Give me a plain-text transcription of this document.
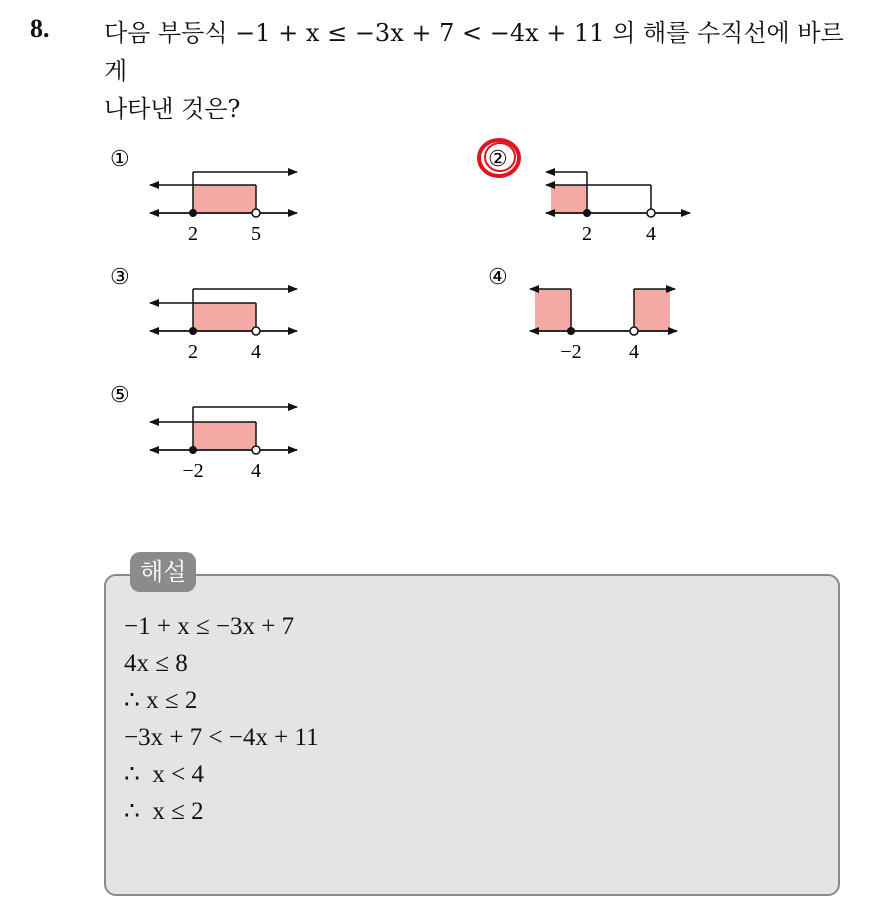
8. 다음 부등식 −1 + x ≤ −3x + 7 < −4x + 11 의 해를 수직선에 바르게
나타낸 것은?
①
2	5
②
2	4
③
2	4
④
−2 4
⑤
−2 4
해설
−1 + x ≤ −3x + 7
4x ≤ 8
∴ x ≤ 2
−3x + 7 < −4x + 11
∴  x < 4
∴  x ≤ 2
